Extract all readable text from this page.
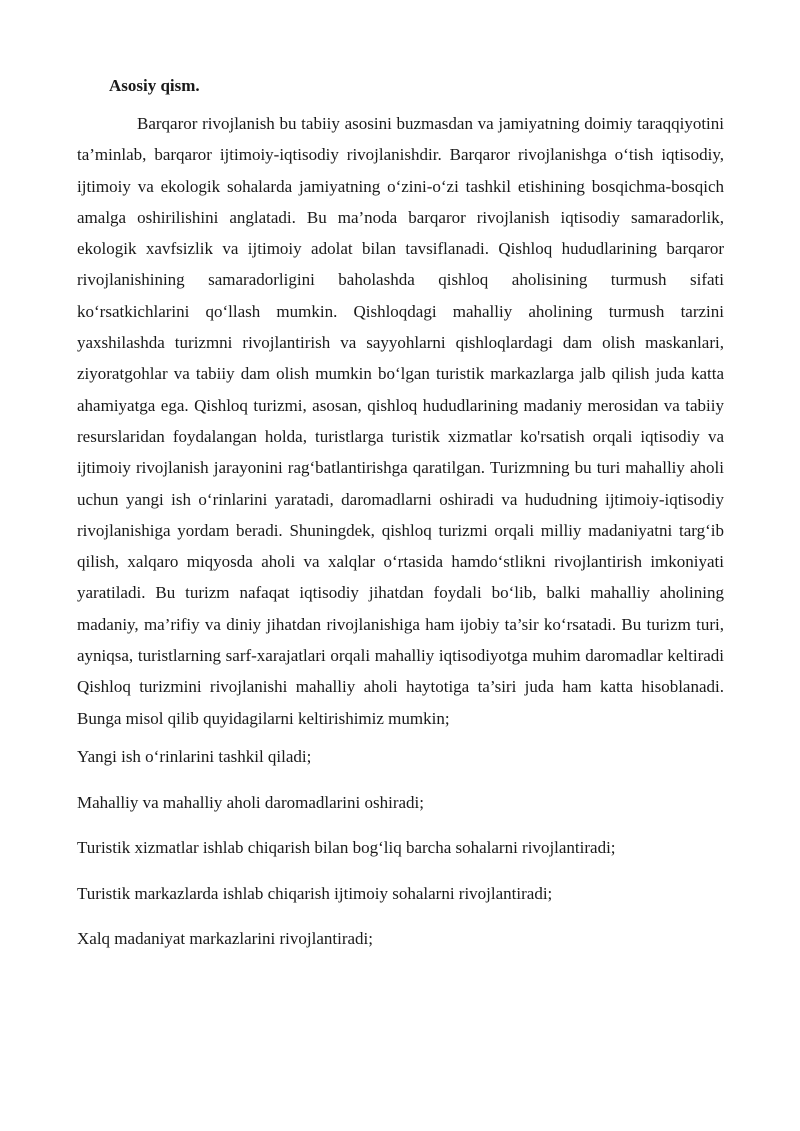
Asosiy qism.

Barqaror rivojlanish bu tabiiy asosini buzmasdan va jamiyatning doimiy taraqqiyotini ta’minlab, barqaror ijtimoiy-iqtisodiy rivojlanishdir. Barqaror rivojlanishga o‘tish iqtisodiy, ijtimoiy va ekologik sohalarda jamiyatning o‘zini-o‘zi tashkil etishining bosqichma-bosqich amalga oshirilishini anglatadi. Bu ma’noda barqaror rivojlanish iqtisodiy samaradorlik, ekologik xavfsizlik va ijtimoiy adolat bilan tavsiflanadi. Qishloq hududlarining barqaror rivojlanishining samaradorligini baholashda qishloq aholisining turmush sifati ko‘rsatkichlarini qo‘llash mumkin. Qishloqdagi mahalliy aholining turmush tarzini yaxshilashda turizmni rivojlantirish va sayyohlarni qishloqlardagi dam olish maskanlari, ziyoratgohlar va tabiiy dam olish mumkin bo‘lgan turistik markazlarga jalb qilish juda katta ahamiyatga ega. Qishloq turizmi, asosan, qishloq hududlarining madaniy merosidan va tabiiy resurslaridan foydalangan holda, turistlarga turistik xizmatlar ko'rsatish orqali iqtisodiy va ijtimoiy rivojlanish jarayonini rag‘batlantirishga qaratilgan. Turizmning bu turi mahalliy aholi uchun yangi ish o‘rinlarini yaratadi, daromadlarni oshiradi va hududning ijtimoiy-iqtisodiy rivojlanishiga yordam beradi. Shuningdek, qishloq turizmi orqali milliy madaniyatni targ‘ib qilish, xalqaro miqyosda aholi va xalqlar o‘rtasida hamdo‘stlikni rivojlantirish imkoniyati yaratiladi. Bu turizm nafaqat iqtisodiy jihatdan foydali bo‘lib, balki mahalliy aholining madaniy, ma’rifiy va diniy jihatdan rivojlanishiga ham ijobiy ta’sir ko‘rsatadi. Bu turizm turi, ayniqsa, turistlarning sarf-xarajatlari orqali mahalliy iqtisodiyotga muhim daromadlar keltiradi Qishloq turizmini rivojlanishi mahalliy aholi haytotiga ta’siri juda ham katta hisoblanadi. Bunga misol qilib quyidagilarni keltirishimiz mumkin;

Yangi ish o‘rinlarini tashkil qiladi;
Mahalliy va mahalliy aholi daromadlarini oshiradi;
Turistik xizmatlar ishlab chiqarish bilan bog‘liq barcha sohalarni rivojlantiradi;
Turistik markazlarda ishlab chiqarish ijtimoiy sohalarni rivojlantiradi;
Xalq madaniyat markazlarini rivojlantiradi;
